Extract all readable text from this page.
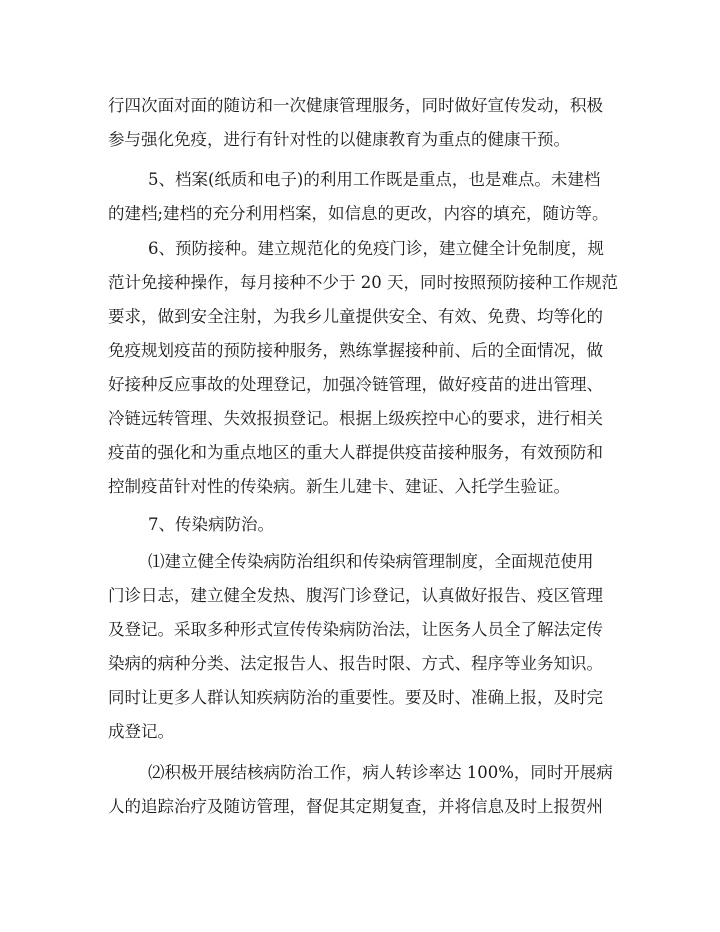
行四次面对面的随访和一次健康管理服务，同时做好宣传发动，积极
参与强化免疫，进行有针对性的以健康教育为重点的健康干预。
5、档案(纸质和电子)的利用工作既是重点，也是难点。未建档
的建档;建档的充分利用档案，如信息的更改，内容的填充，随访等。
6、预防接种。建立规范化的免疫门诊，建立健全计免制度，规
范计免接种操作，每月接种不少于 20 天，同时按照预防接种工作规范
要求，做到安全注射，为我乡儿童提供安全、有效、免费、均等化的
免疫规划疫苗的预防接种服务，熟练掌握接种前、后的全面情况，做
好接种反应事故的处理登记，加强冷链管理，做好疫苗的进出管理、
冷链远转管理、失效报损登记。根据上级疾控中心的要求，进行相关
疫苗的强化和为重点地区的重大人群提供疫苗接种服务，有效预防和
控制疫苗针对性的传染病。新生儿建卡、建证、入托学生验证。
7、传染病防治。
⑴建立健全传染病防治组织和传染病管理制度，全面规范使用
门诊日志，建立健全发热、腹泻门诊登记，认真做好报告、疫区管理
及登记。采取多种形式宣传传染病防治法，让医务人员全了解法定传
染病的病种分类、法定报告人、报告时限、方式、程序等业务知识。
同时让更多人群认知疾病防治的重要性。要及时、准确上报，及时完
成登记。
⑵积极开展结核病防治工作，病人转诊率达 100%，同时开展病
人的追踪治疗及随访管理，督促其定期复查，并将信息及时上报贺州
